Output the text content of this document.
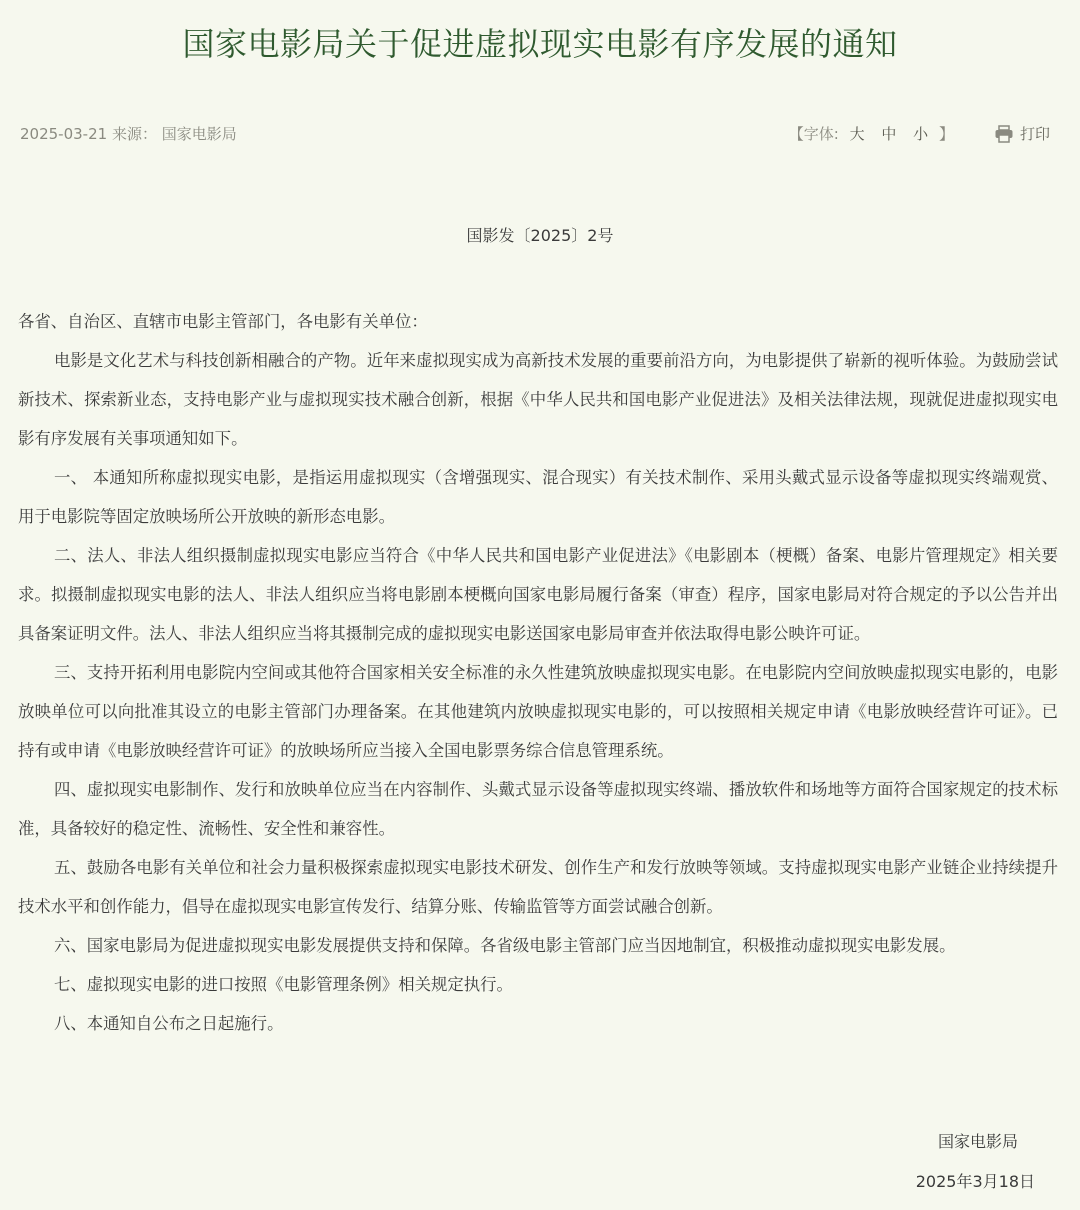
国家电影局关于促进虚拟现实电影有序发展的通知
2025-03-21 来源： 国家电影局	【字体: 大 中 小 】	打印
国影发〔2025〕2号

各省、自治区、直辖市电影主管部门，各电影有关单位：

电影是文化艺术与科技创新相融合的产物。近年来虚拟现实成为高新技术发展的重要前沿方向，为电影提供了崭新的视听体验。为鼓励尝试新技术、探索新业态，支持电影产业与虚拟现实技术融合创新，根据《中华人民共和国电影产业促进法》及相关法律法规，现就促进虚拟现实电影有序发展有关事项通知如下。

一、 本通知所称虚拟现实电影，是指运用虚拟现实（含增强现实、混合现实）有关技术制作、采用头戴式显示设备等虚拟现实终端观赏、用于电影院等固定放映场所公开放映的新形态电影。

二、法人、非法人组织摄制虚拟现实电影应当符合《中华人民共和国电影产业促进法》《电影剧本（梗概）备案、电影片管理规定》相关要求。拟摄制虚拟现实电影的法人、非法人组织应当将电影剧本梗概向国家电影局履行备案（审查）程序，国家电影局对符合规定的予以公告并出具备案证明文件。法人、非法人组织应当将其摄制完成的虚拟现实电影送国家电影局审查并依法取得电影公映许可证。

三、支持开拓利用电影院内空间或其他符合国家相关安全标准的永久性建筑放映虚拟现实电影。在电影院内空间放映虚拟现实电影的，电影放映单位可以向批准其设立的电影主管部门办理备案。在其他建筑内放映虚拟现实电影的，可以按照相关规定申请《电影放映经营许可证》。已持有或申请《电影放映经营许可证》的放映场所应当接入全国电影票务综合信息管理系统。

四、虚拟现实电影制作、发行和放映单位应当在内容制作、头戴式显示设备等虚拟现实终端、播放软件和场地等方面符合国家规定的技术标准，具备较好的稳定性、流畅性、安全性和兼容性。

五、鼓励各电影有关单位和社会力量积极探索虚拟现实电影技术研发、创作生产和发行放映等领域。支持虚拟现实电影产业链企业持续提升技术水平和创作能力，倡导在虚拟现实电影宣传发行、结算分账、传输监管等方面尝试融合创新。

六、国家电影局为促进虚拟现实电影发展提供支持和保障。各省级电影主管部门应当因地制宜，积极推动虚拟现实电影发展。

七、虚拟现实电影的进口按照《电影管理条例》相关规定执行。

八、本通知自公布之日起施行。

国家电影局
2025年3月18日
